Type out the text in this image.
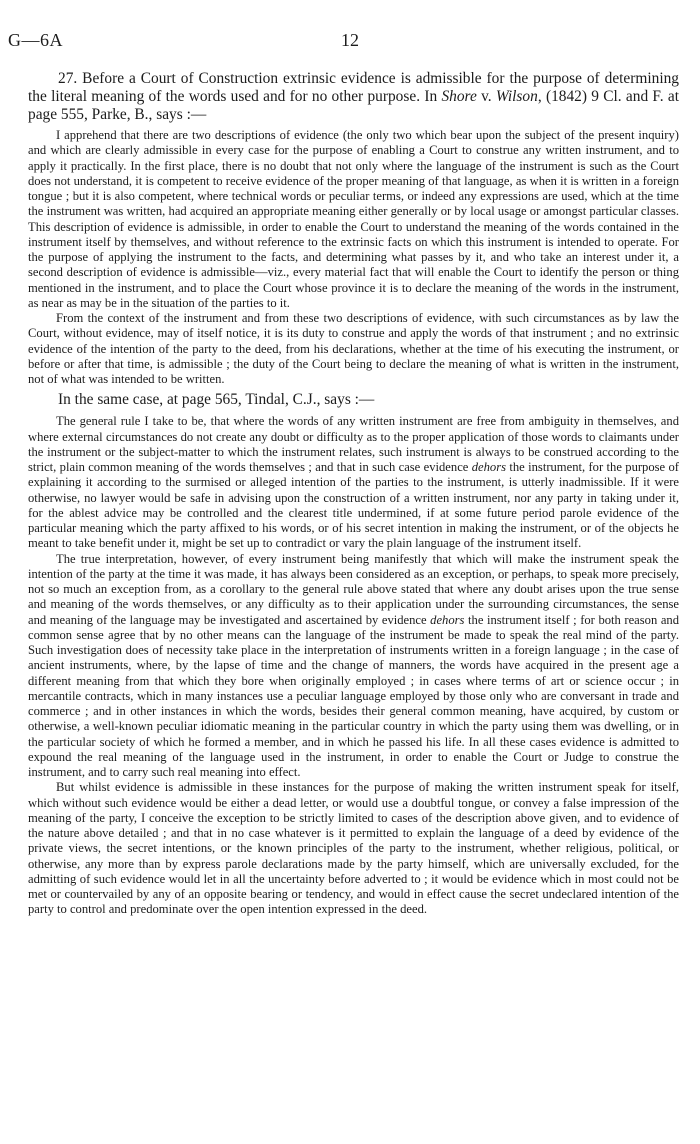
G—6A	12

27. Before a Court of Construction extrinsic evidence is admissible for the purpose of determining the literal meaning of the words used and for no other purpose. In Shore v. Wilson, (1842) 9 Cl. and F. at page 555, Parke, B., says :—

I apprehend that there are two descriptions of evidence (the only two which bear upon the subject of the present inquiry) and which are clearly admissible in every case for the purpose of enabling a Court to construe any written instrument, and to apply it practically. In the first place, there is no doubt that not only where the language of the instrument is such as the Court does not understand, it is competent to receive evidence of the proper meaning of that language, as when it is written in a foreign tongue ; but it is also competent, where technical words or peculiar terms, or indeed any expressions are used, which at the time the instrument was written, had acquired an appropriate meaning either generally or by local usage or amongst particular classes. This description of evidence is admissible, in order to enable the Court to understand the meaning of the words contained in the instrument itself by themselves, and without reference to the extrinsic facts on which this instrument is intended to operate. For the purpose of applying the instrument to the facts, and determining what passes by it, and who take an interest under it, a second description of evidence is admissible—viz., every material fact that will enable the Court to identify the person or thing mentioned in the instrument, and to place the Court whose province it is to declare the meaning of the words in the instrument, as near as may be in the situation of the parties to it.

From the context of the instrument and from these two descriptions of evidence, with such circumstances as by law the Court, without evidence, may of itself notice, it is its duty to construe and apply the words of that instrument ; and no extrinsic evidence of the intention of the party to the deed, from his declarations, whether at the time of his executing the instrument, or before or after that time, is admissible ; the duty of the Court being to declare the meaning of what is written in the instrument, not of what was intended to be written.

In the same case, at page 565, Tindal, C.J., says :—

The general rule I take to be, that where the words of any written instrument are free from ambiguity in themselves, and where external circumstances do not create any doubt or difficulty as to the proper application of those words to claimants under the instrument or the subject-matter to which the instrument relates, such instrument is always to be construed according to the strict, plain common meaning of the words themselves ; and that in such case evidence dehors the instrument, for the purpose of explaining it according to the surmised or alleged intention of the parties to the instrument, is utterly inadmissible. If it were otherwise, no lawyer would be safe in advising upon the construction of a written instrument, nor any party in taking under it, for the ablest advice may be controlled and the clearest title undermined, if at some future period parole evidence of the particular meaning which the party affixed to his words, or of his secret intention in making the instrument, or of the objects he meant to take benefit under it, might be set up to contradict or vary the plain language of the instrument itself.

The true interpretation, however, of every instrument being manifestly that which will make the instrument speak the intention of the party at the time it was made, it has always been considered as an exception, or perhaps, to speak more precisely, not so much an exception from, as a corollary to the general rule above stated that where any doubt arises upon the true sense and meaning of the words themselves, or any difficulty as to their application under the surrounding circumstances, the sense and meaning of the language may be investigated and ascertained by evidence dehors the instrument itself ; for both reason and common sense agree that by no other means can the language of the instrument be made to speak the real mind of the party. Such investigation does of necessity take place in the interpretation of instruments written in a foreign language ; in the case of ancient instruments, where, by the lapse of time and the change of manners, the words have acquired in the present age a different meaning from that which they bore when originally employed ; in cases where terms of art or science occur ; in mercantile contracts, which in many instances use a peculiar language employed by those only who are conversant in trade and commerce ; and in other instances in which the words, besides their general common meaning, have acquired, by custom or otherwise, a well-known peculiar idiomatic meaning in the particular country in which the party using them was dwelling, or in the particular society of which he formed a member, and in which he passed his life. In all these cases evidence is admitted to expound the real meaning of the language used in the instrument, in order to enable the Court or Judge to construe the instrument, and to carry such real meaning into effect.

But whilst evidence is admissible in these instances for the purpose of making the written instrument speak for itself, which without such evidence would be either a dead letter, or would use a doubtful tongue, or convey a false impression of the meaning of the party, I conceive the exception to be strictly limited to cases of the description above given, and to evidence of the nature above detailed ; and that in no case whatever is it permitted to explain the language of a deed by evidence of the private views, the secret intentions, or the known principles of the party to the instrument, whether religious, political, or otherwise, any more than by express parole declarations made by the party himself, which are universally excluded, for the admitting of such evidence would let in all the uncertainty before adverted to ; it would be evidence which in most could not be met or countervailed by any of an opposite bearing or tendency, and would in effect cause the secret undeclared intention of the party to control and predominate over the open intention expressed in the deed.
